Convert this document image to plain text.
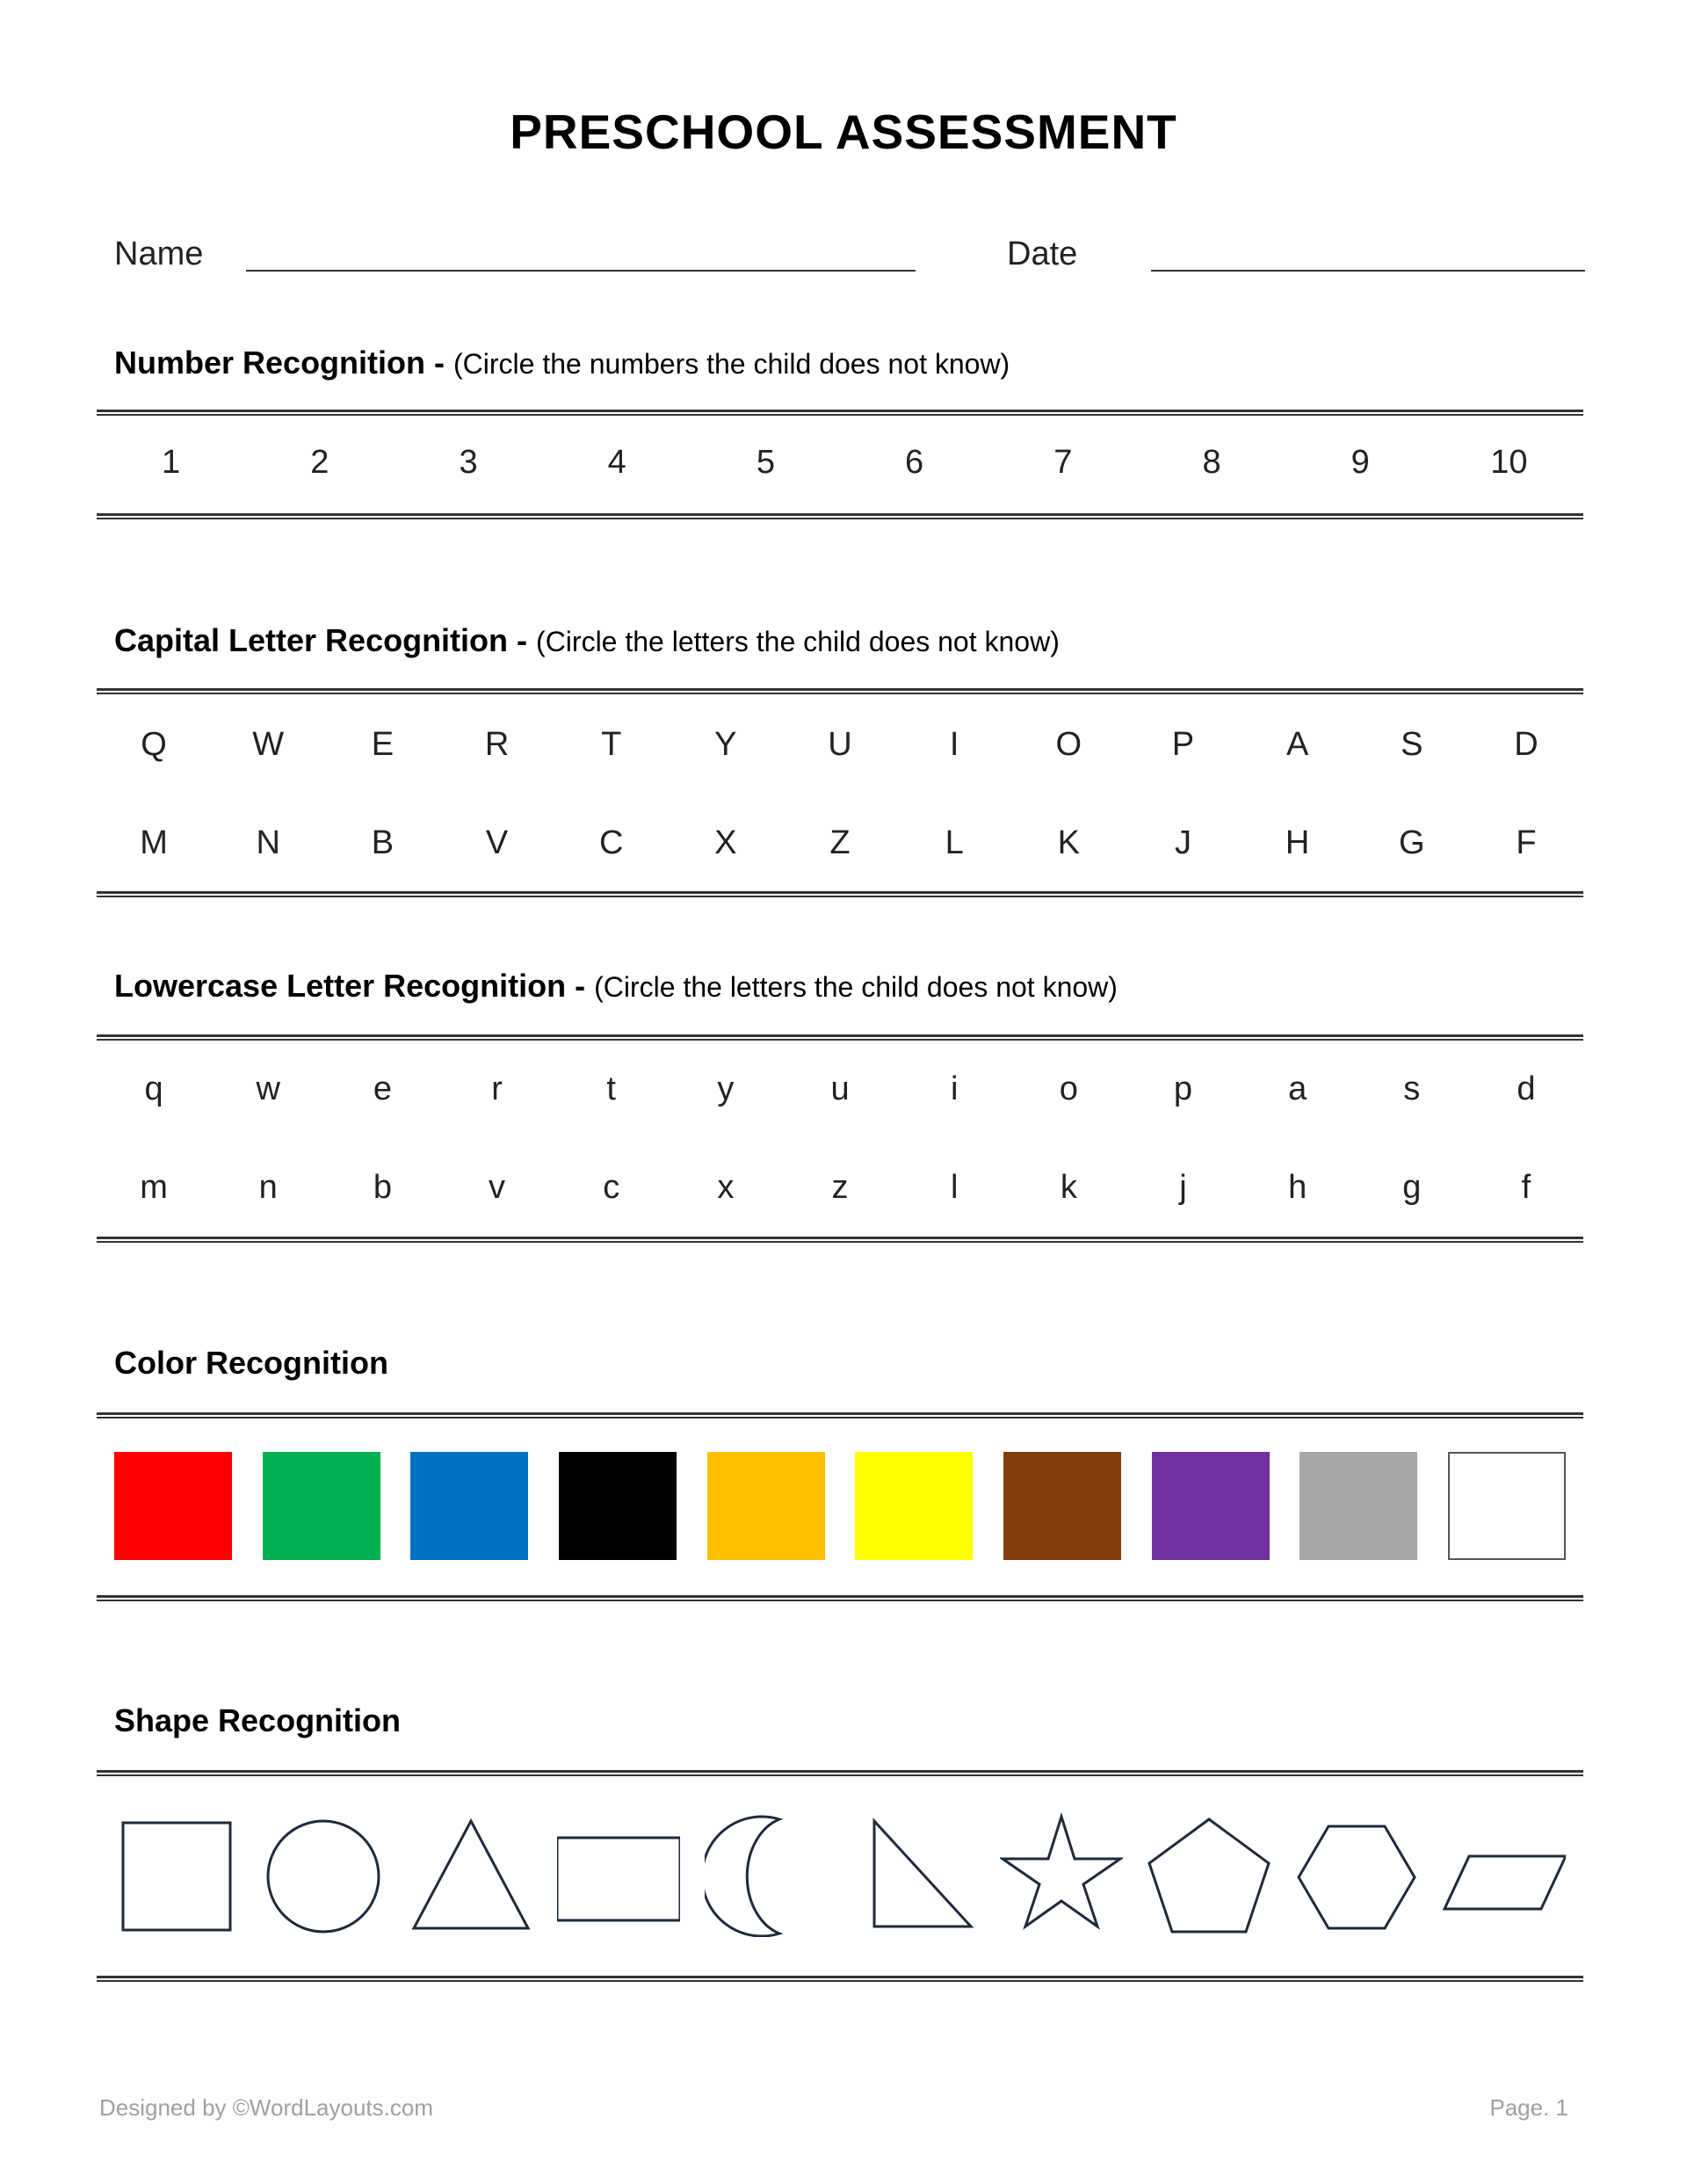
PRESCHOOL ASSESSMENT
Name	Date
Number Recognition - (Circle the numbers the child does not know)
1	2	3	4	5	6	7	8	9	10
Capital Letter Recognition - (Circle the letters the child does not know)
Q	W	E	R	T	Y	U	I	O	P	A	S	D
M	N	B	V	C	X	Z	L	K	J	H	G	F
Lowercase Letter Recognition - (Circle the letters the child does not know)
q	w	e	r	t	y	u	i	o	p	a	s	d
m	n	b	v	c	x	z	l	k	j	h	g	f
Color Recognition
Shape Recognition
Designed by ©WordLayouts.com	Page. 1
